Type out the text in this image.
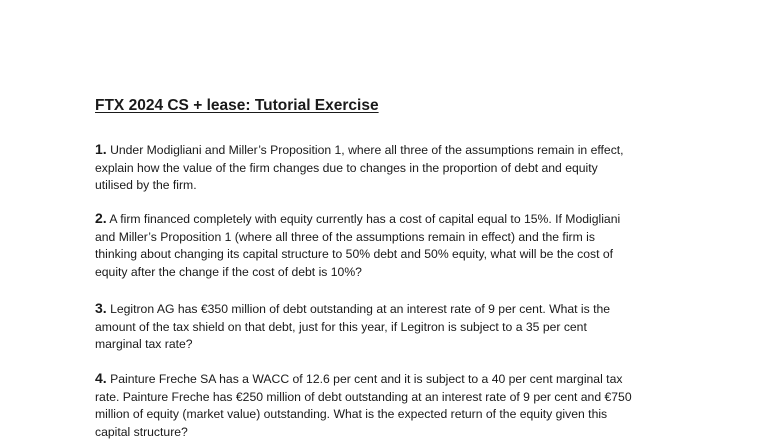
FTX 2024 CS + lease: Tutorial Exercise
1. Under Modigliani and Miller’s Proposition 1, where all three of the assumptions remain in effect,
explain how the value of the firm changes due to changes in the proportion of debt and equity
utilised by the firm.
2. A firm financed completely with equity currently has a cost of capital equal to 15%. If Modigliani
and Miller’s Proposition 1 (where all three of the assumptions remain in effect) and the firm is
thinking about changing its capital structure to 50% debt and 50% equity, what will be the cost of
equity after the change if the cost of debt is 10%?
3. Legitron AG has €350 million of debt outstanding at an interest rate of 9 per cent. What is the
amount of the tax shield on that debt, just for this year, if Legitron is subject to a 35 per cent
marginal tax rate?
4. Painture Freche SA has a WACC of 12.6 per cent and it is subject to a 40 per cent marginal tax
rate. Painture Freche has €250 million of debt outstanding at an interest rate of 9 per cent and €750
million of equity (market value) outstanding. What is the expected return of the equity given this
capital structure?
